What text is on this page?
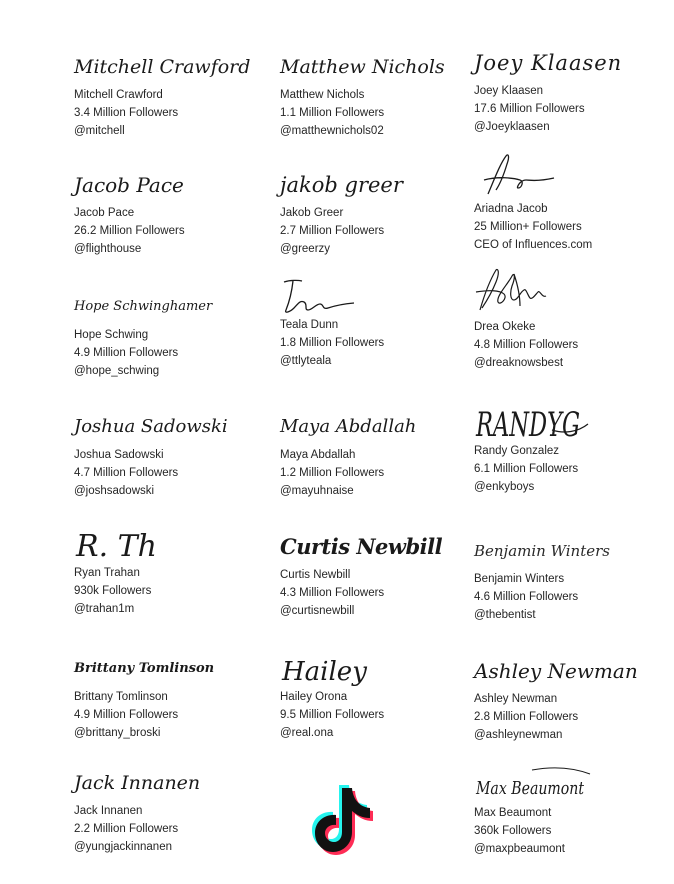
Mitchell Crawford
Mitchell Crawford
3.4 Million Followers
@mitchell
Matthew Nichols
Matthew Nichols
1.1 Million Followers
@matthewnichols02
Joey Klaasen
Joey Klaasen
17.6 Million Followers
@Joeyklaasen
Jacob Pace
Jacob Pace
26.2 Million Followers
@flighthouse
jakob greer
Jakob Greer
2.7 Million Followers
@greerzy
Ariadna Jacob
25 Million+ Followers
CEO of Influences.com
Hope Schwinghamer
Hope Schwing
4.9 Million Followers
@hope_schwing
Teala Dunn
1.8 Million Followers
@ttlyteala
Drea Okeke
4.8 Million Followers
@dreaknowsbest
Joshua Sadowski
Joshua Sadowski
4.7 Million Followers
@joshsadowski
Maya Abdallah
Maya Abdallah
1.2 Million Followers
@mayuhnaise
RANDYG
Randy Gonzalez
6.1 Million Followers
@enkyboys
R. Th
Ryan Trahan
930k Followers
@trahan1m
Curtis Newbill
Curtis Newbill
4.3 Million Followers
@curtisnewbill
Benjamin Winters
Benjamin Winters
4.6 Million Followers
@thebentist
Brittany Tomlinson
Brittany Tomlinson
4.9 Million Followers
@brittany_broski
Hailey
Hailey Orona
9.5 Million Followers
@real.ona
Ashley Newman
Ashley Newman
2.8 Million Followers
@ashleynewman
Jack Innanen
Jack Innanen
2.2 Million Followers
@yungjackinnanen
Max Beaumont
Max Beaumont
360k Followers
@maxpbeaumont
